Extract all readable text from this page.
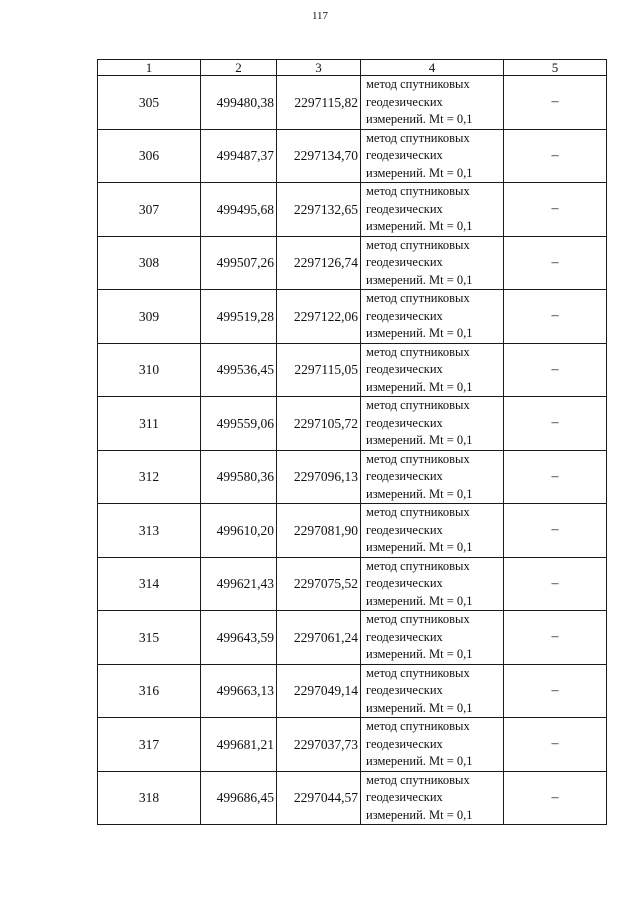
117
1	2	3	4	5
305	499480,38	2297115,82	метод спутниковых
геодезических
измерений. Mt = 0,1	–
306	499487,37	2297134,70	метод спутниковых
геодезических
измерений. Mt = 0,1	–
307	499495,68	2297132,65	метод спутниковых
геодезических
измерений. Mt = 0,1	–
308	499507,26	2297126,74	метод спутниковых
геодезических
измерений. Mt = 0,1	–
309	499519,28	2297122,06	метод спутниковых
геодезических
измерений. Mt = 0,1	–
310	499536,45	2297115,05	метод спутниковых
геодезических
измерений. Mt = 0,1	–
311	499559,06	2297105,72	метод спутниковых
геодезических
измерений. Mt = 0,1	–
312	499580,36	2297096,13	метод спутниковых
геодезических
измерений. Mt = 0,1	–
313	499610,20	2297081,90	метод спутниковых
геодезических
измерений. Mt = 0,1	–
314	499621,43	2297075,52	метод спутниковых
геодезических
измерений. Mt = 0,1	–
315	499643,59	2297061,24	метод спутниковых
геодезических
измерений. Mt = 0,1	–
316	499663,13	2297049,14	метод спутниковых
геодезических
измерений. Mt = 0,1	–
317	499681,21	2297037,73	метод спутниковых
геодезических
измерений. Mt = 0,1	–
318	499686,45	2297044,57	метод спутниковых
геодезических
измерений. Mt = 0,1	–
